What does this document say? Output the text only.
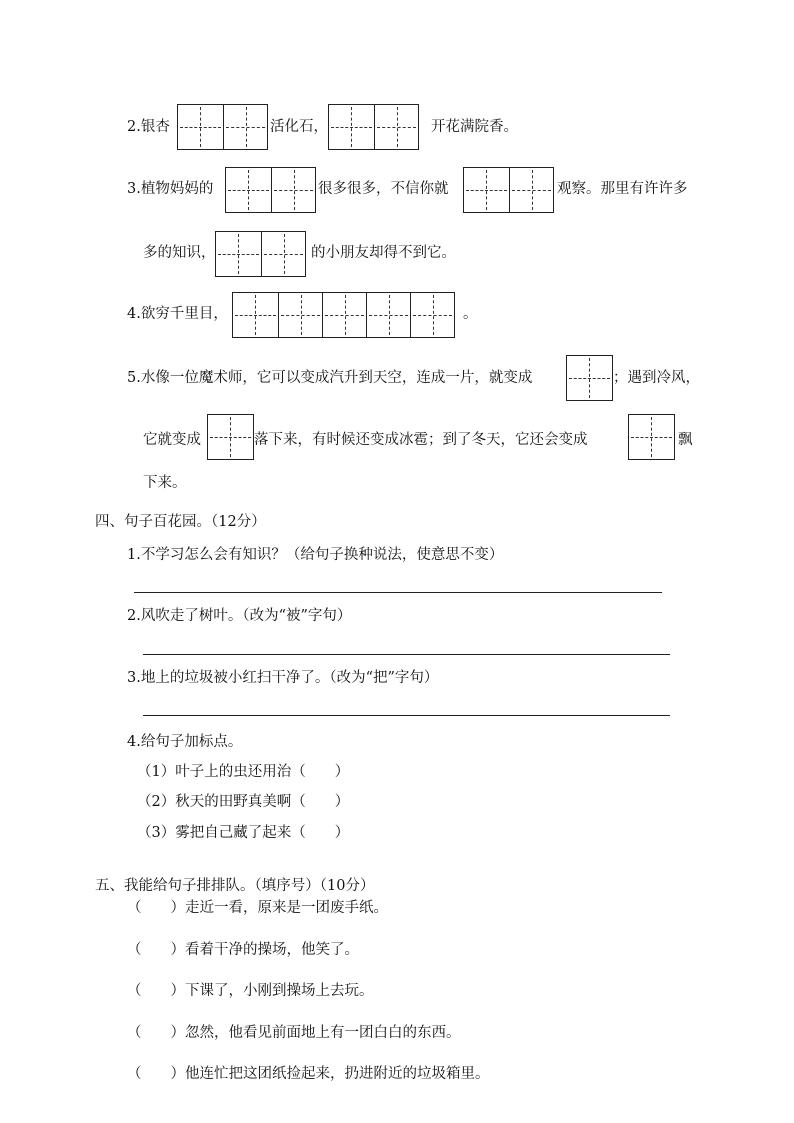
2.银杏	活化石，	开花满院香。
3.植物妈妈的	很多很多，不信你就	观察。那里有许许多
多的知识，	的小朋友却得不到它。
4.欲穷千里目，	。
5.水像一位魔术师，它可以变成汽升到天空，连成一片，就变成	；遇到冷风，
它就变成	落下来，有时候还变成冰雹；到了冬天，它还会变成	飘
下来。
四、句子百花园。（12分）
1.不学习怎么会有知识？（给句子换种说法，使意思不变）
2.风吹走了树叶。（改为“被”字句）
3.地上的垃圾被小红扫干净了。（改为“把”字句）
4.给句子加标点。
（1）叶子上的虫还用治（　　）
（2）秋天的田野真美啊（　　）
（3）雾把自己藏了起来（　　）
五、我能给句子排排队。（填序号）（10分）
（　　）走近一看，原来是一团废手纸。
（　　）看着干净的操场，他笑了。
（　　）下课了，小刚到操场上去玩。
（　　）忽然，他看见前面地上有一团白白的东西。
（　　）他连忙把这团纸捡起来，扔进附近的垃圾箱里。
